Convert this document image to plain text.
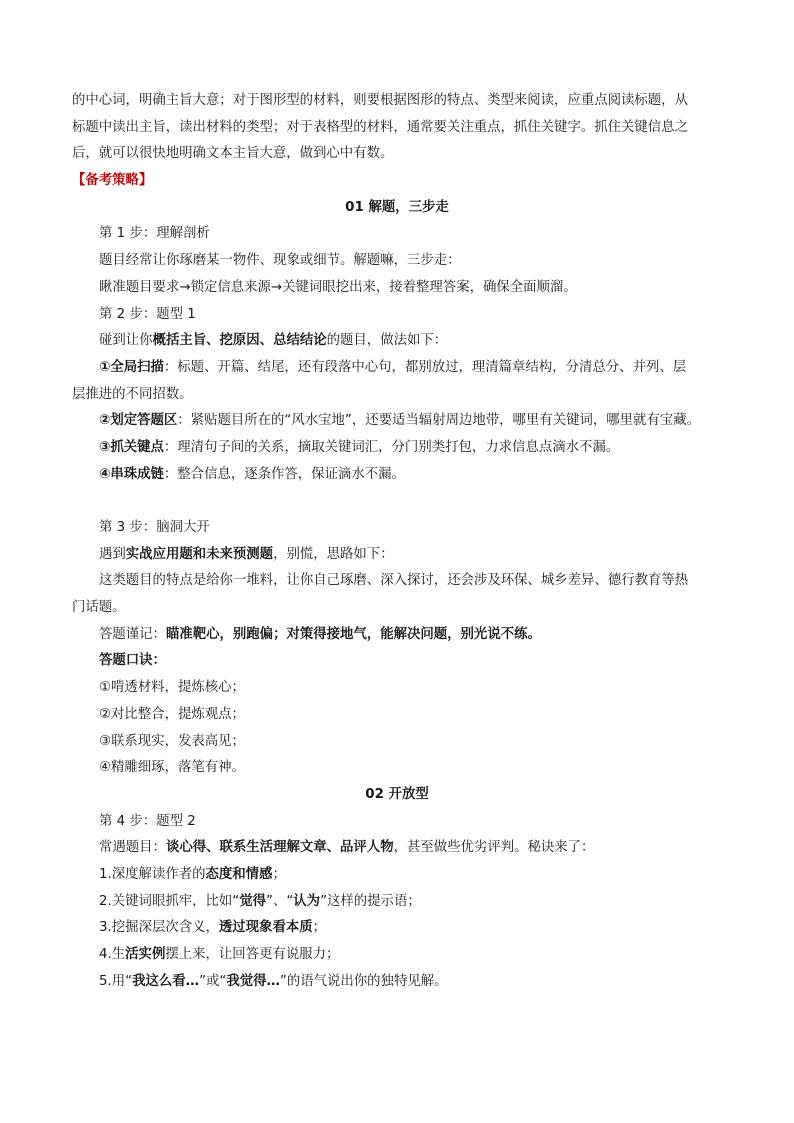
的中心词，明确主旨大意；对于图形型的材料，则要根据图形的特点、类型来阅读，应重点阅读标题，从
标题中读出主旨，读出材料的类型；对于表格型的材料，通常要关注重点，抓住关键字。抓住关键信息之
后，就可以很快地明确文本主旨大意，做到心中有数。
【备考策略】
01 解题，三步走
第 1 步：理解剖析
题目经常让你琢磨某一物件、现象或细节。解题嘛，三步走：
瞅准题目要求→锁定信息来源→关键词眼挖出来，接着整理答案，确保全面顺溜。
第 2 步：题型 1
碰到让你概括主旨、挖原因、总结结论的题目，做法如下：
①全局扫描：标题、开篇、结尾，还有段落中心句，都别放过，理清篇章结构，分清总分、并列、层
层推进的不同招数。
②划定答题区：紧贴题目所在的“风水宝地”，还要适当辐射周边地带，哪里有关键词，哪里就有宝藏。
③抓关键点：理清句子间的关系，摘取关键词汇，分门别类打包，力求信息点滴水不漏。
④串珠成链：整合信息，逐条作答，保证滴水不漏。
第 3 步：脑洞大开
遇到实战应用题和未来预测题，别慌，思路如下：
这类题目的特点是给你一堆料，让你自己琢磨、深入探讨，还会涉及环保、城乡差异、德行教育等热
门话题。
答题谨记：瞄准靶心，别跑偏；对策得接地气，能解决问题，别光说不练。
答题口诀：
①啃透材料，提炼核心；
②对比整合，提炼观点；
③联系现实，发表高见；
④精雕细琢，落笔有神。
02 开放型
第 4 步：题型 2
常遇题目：谈心得、联系生活理解文章、品评人物，甚至做些优劣评判。秘诀来了：
1.深度解读作者的态度和情感；
2.关键词眼抓牢，比如“觉得”、“认为”这样的提示语；
3.挖掘深层次含义，透过现象看本质；
4.生活实例摆上来，让回答更有说服力；
5.用“我这么看…”或“我觉得…”的语气说出你的独特见解。
